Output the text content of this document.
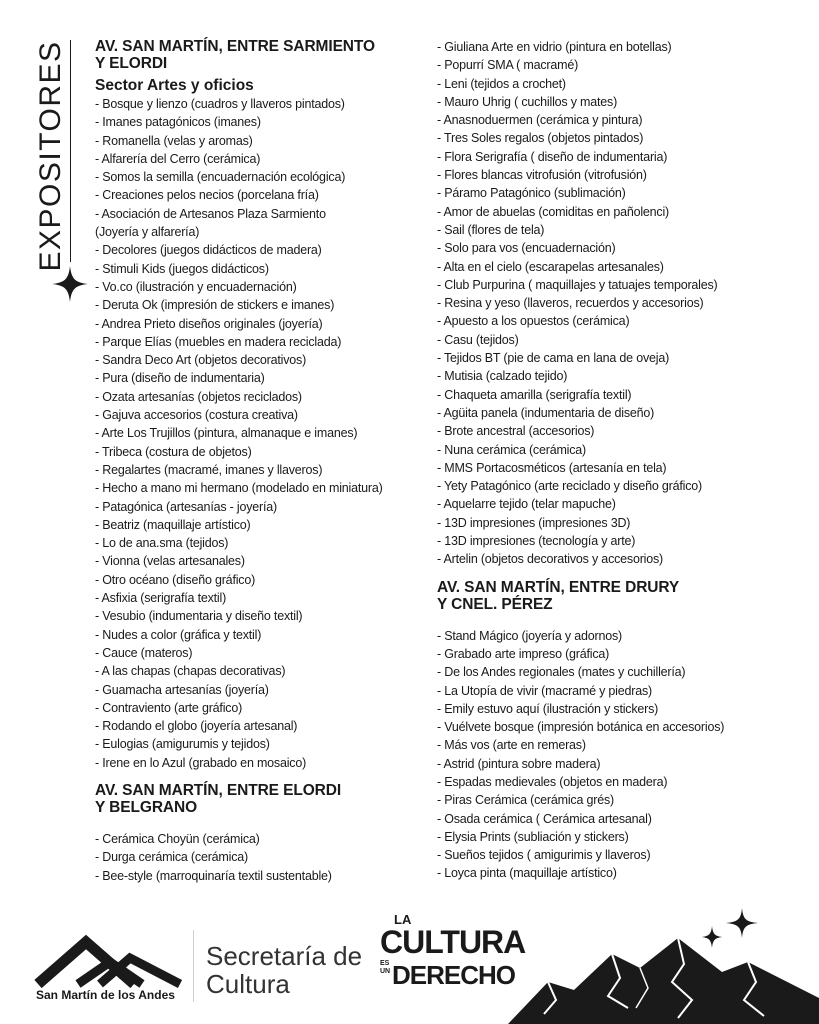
EXPOSITORES AV. SAN MARTÍN, ENTRE SARMIENTO
Y ELORDI
Sector Artes y oficios
- Bosque y lienzo (cuadros y llaveros pintados)
- Imanes patagónicos (imanes)
- Romanella (velas y aromas)
- Alfarería del Cerro (cerámica)
- Somos la semilla (encuadernación ecológica)
- Creaciones pelos necios (porcelana fría)
- Asociación de Artesanos Plaza Sarmiento
(Joyería y alfarería)
- Decolores (juegos didácticos de madera)
- Stimuli Kids (juegos didácticos)
- Vo.co (ilustración y encuadernación)
- Deruta Ok (impresión de stickers e imanes)
- Andrea Prieto diseños originales (joyería)
- Parque Elías (muebles en madera reciclada)
- Sandra Deco Art (objetos decorativos)
- Pura (diseño de indumentaria)
- Ozata artesanías (objetos reciclados)
- Gajuva accesorios (costura creativa)
- Arte Los Trujillos (pintura, almanaque e imanes)
- Tribeca (costura de objetos)
- Regalartes (macramé, imanes y llaveros)
- Hecho a mano mi hermano (modelado en miniatura)
- Patagónica (artesanías - joyería)
- Beatriz (maquillaje artístico)
- Lo de ana.sma (tejidos)
- Vionna (velas artesanales)
- Otro océano (diseño gráfico)
- Asfixia (serigrafía textil)
- Vesubio (indumentaria y diseño textil)
- Nudes a color (gráfica y textil)
- Cauce (materos)
- A las chapas (chapas decorativas)
- Guamacha artesanías (joyería)
- Contraviento (arte gráfico)
- Rodando el globo (joyería artesanal)
- Eulogias (amigurumis y tejidos)
- Irene en lo Azul (grabado en mosaico)
AV. SAN MARTÍN, ENTRE ELORDI
Y BELGRANO
- Cerámica Choyün (cerámica)
- Durga cerámica (cerámica)
- Bee-style (marroquinaría textil sustentable)
- Giuliana Arte en vidrio (pintura en botellas)
- Popurrí SMA ( macramé)
- Leni (tejidos a crochet)
- Mauro Uhrig ( cuchillos y mates)
- Anasnoduermen (cerámica y pintura)
- Tres Soles regalos (objetos pintados)
- Flora Serigrafía ( diseño de indumentaria)
- Flores blancas vitrofusión (vitrofusión)
- Páramo Patagónico (sublimación)
- Amor de abuelas (comiditas en pañolenci)
- Sail (flores de tela)
- Solo para vos (encuadernación)
- Alta en el cielo (escarapelas artesanales)
- Club Purpurina ( maquillajes y tatuajes temporales)
- Resina y yeso (llaveros, recuerdos y accesorios)
- Apuesto a los opuestos (cerámica)
- Casu (tejidos)
- Tejidos BT (pie de cama en lana de oveja)
- Mutisia (calzado tejido)
- Chaqueta amarilla (serigrafía textil)
- Agüita panela (indumentaria de diseño)
- Brote ancestral (accesorios)
- Nuna cerámica (cerámica)
- MMS Portacosméticos (artesanía en tela)
- Yety Patagónico (arte reciclado y diseño gráfico)
- Aquelarre tejido (telar mapuche)
- 13D impresiones (impresiones 3D)
- 13D impresiones (tecnología y arte)
- Artelin (objetos decorativos y accesorios)
AV. SAN MARTÍN, ENTRE DRURY
Y CNEL. PÉREZ
- Stand Mágico (joyería y adornos)
- Grabado arte impreso (gráfica)
- De los Andes regionales (mates y cuchillería)
- La Utopía de vivir (macramé y piedras)
- Emily estuvo aquí (ilustración y stickers)
- Vuélvete bosque (impresión botánica en accesorios)
- Más vos (arte en remeras)
- Astrid (pintura sobre madera)
- Espadas medievales (objetos en madera)
- Piras Cerámica (cerámica grés)
- Osada cerámica ( Cerámica artesanal)
- Elysia Prints (subliación y stickers)
- Sueños tejidos ( amigurimis y llaveros)
- Loyca pinta (maquillaje artístico)
San Martín de los Andes
Secretaría de
Cultura
LA
CULTURA
ES UN DERECHO
